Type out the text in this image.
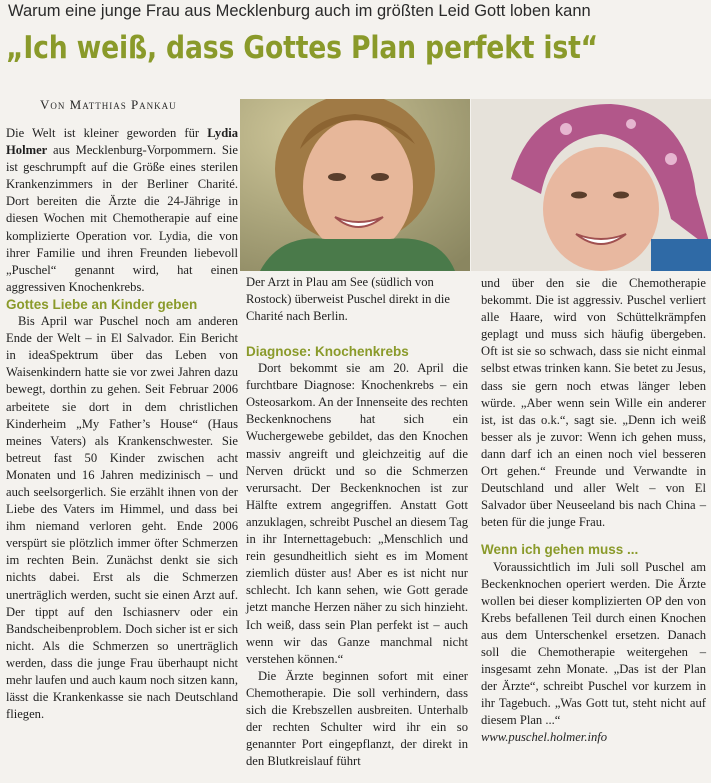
Warum eine junge Frau aus Mecklenburg auch im größten Leid Gott loben kann
„Ich weiß, dass Gottes Plan perfekt ist“
Von Matthias Pankau

Die Welt ist kleiner geworden für Lydia Holmer aus Mecklenburg-Vorpommern. Sie ist geschrumpft auf die Größe eines sterilen Krankenzimmers in der Berliner Charité. Dort bereiten die Ärzte die 24-Jährige in diesen Wochen mit Chemotherapie auf eine komplizierte Operation vor. Lydia, die von ihrer Familie und ihren Freunden liebevoll „Puschel“ genannt wird, hat einen aggressiven Knochenkrebs.

Gottes Liebe an Kinder geben

Bis April war Puschel noch am anderen Ende der Welt – in El Salvador. Ein Bericht in ideaSpektrum über das Leben von Waisenkindern hatte sie vor zwei Jahren dazu bewegt, dorthin zu gehen. Seit Februar 2006 arbeitete sie dort in dem christlichen Kinderheim „My Father’s House“ (Haus meines Vaters) als Krankenschwester. Sie betreut fast 50 Kinder zwischen acht Monaten und 16 Jahren medizinisch – und auch seelsorgerlich. Sie erzählt ihnen von der Liebe des Vaters im Himmel, und dass bei ihm niemand verloren geht. Ende 2006 verspürt sie plötzlich immer öfter Schmerzen im rechten Bein. Zunächst denkt sie sich nichts dabei. Erst als die Schmerzen unerträglich werden, sucht sie einen Arzt auf. Der tippt auf den Ischiasnerv oder ein Bandscheibenproblem. Doch sicher ist er sich nicht. Als die Schmerzen so unerträglich werden, dass die junge Frau überhaupt nicht mehr laufen und auch kaum noch sitzen kann, lässt die Krankenkasse sie nach Deutschland fliegen.

Der Arzt in Plau am See (südlich von Rostock) überweist Puschel direkt in die Charité nach Berlin.

Diagnose: Knochenkrebs

Dort bekommt sie am 20. April die furchtbare Diagnose: Knochenkrebs – ein Osteosarkom. An der Innenseite des rechten Beckenknochens hat sich ein Wuchergewebe gebildet, das den Knochen massiv angreift und gleichzeitig auf die Nerven drückt und so die Schmerzen verursacht. Der Beckenknochen ist zur Hälfte extrem angegriffen. Anstatt Gott anzuklagen, schreibt Puschel an diesem Tag in ihr Internettagebuch: „Menschlich und rein gesundheitlich sieht es im Moment ziemlich düster aus! Aber es ist nicht nur schlecht. Ich kann sehen, wie Gott gerade jetzt manche Herzen näher zu sich hinzieht. Ich weiß, dass sein Plan perfekt ist – auch wenn wir das Ganze manchmal nicht verstehen können.“

Die Ärzte beginnen sofort mit einer Chemotherapie. Die soll verhindern, dass sich die Krebszellen ausbreiten. Unterhalb der rechten Schulter wird ihr ein so genannter Port eingepflanzt, der direkt in den Blutkreislauf führt

und über den sie die Chemotherapie bekommt. Die ist aggressiv. Puschel verliert alle Haare, wird von Schüttelkrämpfen geplagt und muss sich häufig übergeben. Oft ist sie so schwach, dass sie nicht einmal selbst etwas trinken kann. Sie betet zu Jesus, dass sie gern noch etwas länger leben würde. „Aber wenn sein Wille ein anderer ist, ist das o.k.“, sagt sie. „Denn ich weiß besser als je zuvor: Wenn ich gehen muss, dann darf ich an einen noch viel besseren Ort gehen.“ Freunde und Verwandte in Deutschland und aller Welt – von El Salvador über Neuseeland bis nach China – beten für die junge Frau.

Wenn ich gehen muss ...

Voraussichtlich im Juli soll Puschel am Beckenknochen operiert werden. Die Ärzte wollen bei dieser komplizierten OP den von Krebs befallenen Teil durch einen Knochen aus dem Unterschenkel ersetzen. Danach soll die Chemotherapie weitergehen – insgesamt zehn Monate. „Das ist der Plan der Ärzte“, schreibt Puschel vor kurzem in ihr Tagebuch. „Was Gott tut, steht nicht auf diesem Plan ...“

www.puschel.holmer.info
